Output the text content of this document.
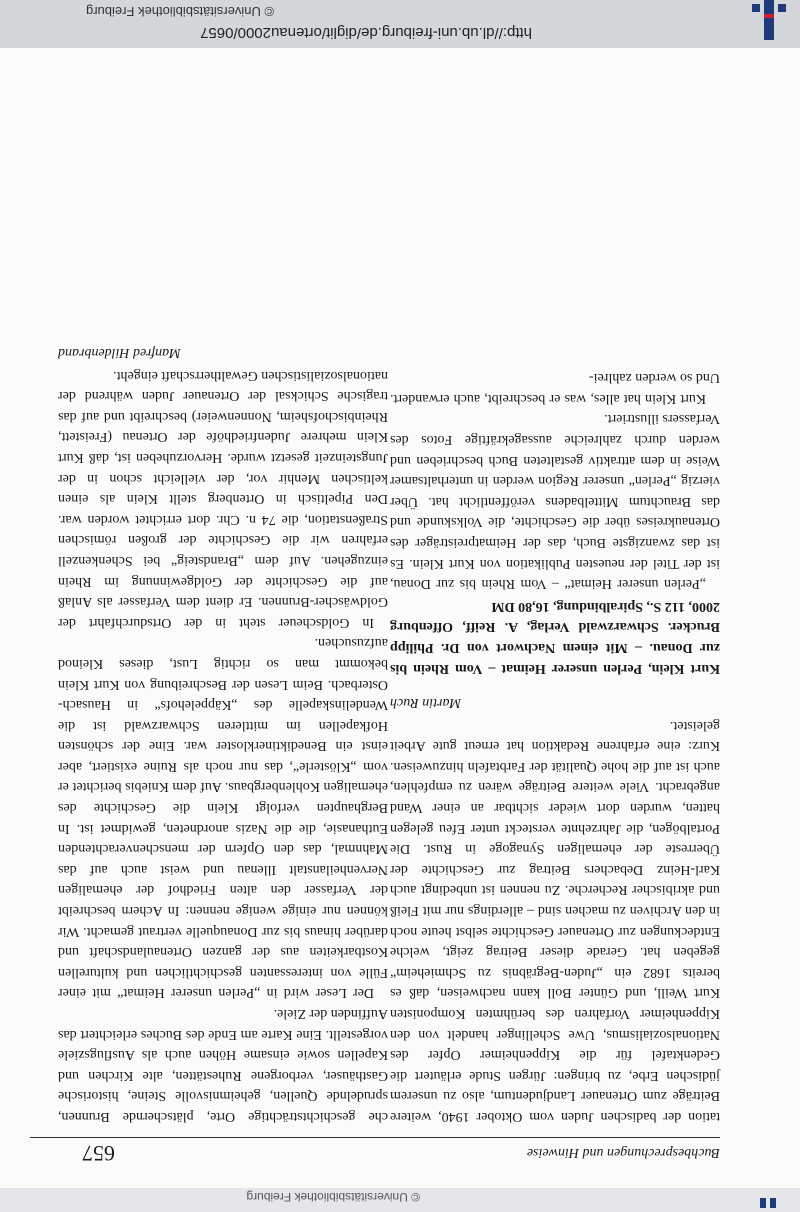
© Universitätsbibliothek Freiburg
http://dl.ub.uni-freiburg.de/diglit/ortenau2000/0657
Buchbesprechungen und Hinweise
657

tation der badischen Juden vom Oktober 1940, weitere Beiträge zum Ortenauer Landjudentum, also zu unserem jüdischen Erbe, zu bringen: Jürgen Stude erläutert die Gedenktafel für die Kippenheimer Opfer des Nationalsozialismus, Uwe Schellinger handelt von den Kippenheimer Vorfahren des berühmten Komponisten Kurt Weill, und Günter Boll kann nachweisen, daß es bereits 1682 ein „Juden-Begräbnis zu Schmieheim“ gegeben hat. Gerade dieser Beitrag zeigt, welche Entdeckungen zur Ortenauer Geschichte selbst heute noch in den Archiven zu machen sind – allerdings nur mit Fleiß und akribischer Recherche. Zu nennen ist unbedingt auch Karl-Heinz Debachers Beitrag zur Geschichte der Überreste der ehemaligen Synagoge in Rust. Die Portalbögen, die Jahrzehnte versteckt unter Efeu gelegen hatten, wurden dort wieder sichtbar an einer Wand angebracht. Viele weitere Beiträge wären zu empfehlen, auch ist auf die hohe Qualität der Farbtafeln hinzuweisen. Kurz: eine erfahrene Redaktion hat erneut gute Arbeit geleistet.

Martin Ruch
Kurt Klein, Perlen unserer Heimat – Vom Rhein bis zur Donau. – Mit einem Nachwort von Dr. Philipp Brucker. Schwarzwald Verlag, A. Reiff, Offenburg 2000, 112 S., Spiralbindung, 16,80 DM

„Perlen unserer Heimat“ – Vom Rhein bis zur Donau, ist der Titel der neuesten Publikation von Kurt Klein. Es ist das zwanzigste Buch, das der Heimatpreisträger des Ortenaukreises über die Geschichte, die Volkskunde und das Brauchtum Mittelbadens veröffentlicht hat. Über vierzig „Perlen“ unserer Region werden in unterhaltsamer Weise in dem attraktiv gestalteten Buch beschrieben und werden durch zahlreiche aussagekräftige Fotos des Verfassers illustriert.

Kurt Klein hat alles, was er beschreibt, auch erwandert. Und so werden zahlrei-

che geschichtsträchtige Orte, plätschernde Brunnen, sprudelnde Quellen, geheimnisvolle Steine, historische Gasthäuser, verborgene Ruhestätten, alte Kirchen und Kapellen sowie einsame Höhen auch als Ausflugsziele vorgestellt. Eine Karte am Ende des Buches erleichtert das Auffinden der Ziele.

Der Leser wird in „Perlen unserer Heimat“ mit einer Fülle von interessanten geschichtlichen und kulturellen Kostbarkeiten aus der ganzen Ortenaulandschaft und darüber hinaus bis zur Donauquelle vertraut gemacht. Wir können nur einige wenige nennen: In Achern beschreibt der Verfasser den alten Friedhof der ehemaligen Nervenheilanstalt Illenau und weist auch auf das Mahnmal, das den Opfern der menschenverachtenden Euthanasie, die die Nazis anordneten, gewidmet ist. In Berghaupten verfolgt Klein die Geschichte des ehemaligen Kohlenbergbaus. Auf dem Kniebis berichtet er vom „Klösterle“, das nur noch als Ruine existiert, aber einst ein Benediktinerkloster war. Eine der schönsten Hofkapellen im mittleren Schwarzwald ist die Wendelinskapelle des „Käppelehofs“ in Hausach-Osterbach. Beim Lesen der Beschreibung von Kurt Klein bekommt man so richtig Lust, dieses Kleinod aufzusuchen.

In Goldscheuer steht in der Ortsdurchfahrt der Goldwäscher-Brunnen. Er dient dem Verfasser als Anlaß auf die Geschichte der Goldgewinnung im Rhein einzugehen. Auf dem „Brandsteig“ bei Schenkenzell erfahren wir die Geschichte der großen römischen Straßenstation, die 74 n. Chr. dort errichtet worden war. Den Pipeltisch in Ortenberg stellt Klein als einen keltischen Menhir vor, der vielleicht schon in der Jungsteinzeit gesetzt wurde. Hervorzuheben ist, daß Kurt Klein mehrere Judenfriedhöfe der Ortenau (Freistett, Rheinbischofsheim, Nonnenweier) beschreibt und auf das tragische Schicksal der Ortenauer Juden während der nationalsozialistischen Gewaltherrschaft eingeht.

Manfred Hildenbrand
© Universitätsbibliothek Freiburg
